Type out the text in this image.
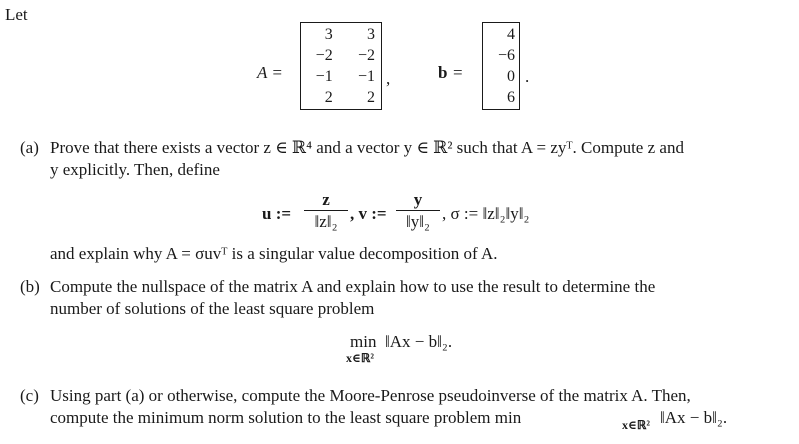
Let
A =
3	3
−2	−2
−1	−1
2	2
,	b =
4
−6
0
6
.
(a) Prove that there exists a vector z ∈ ℝ⁴ and a vector y ∈ ℝ² such that A = zyᵀ. Compute z and
y explicitly. Then, define
u :=
z
‖z‖₂ , v :=
y
‖y‖₂ , σ := ‖z‖₂‖y‖₂
and explain why A = σuvᵀ is a singular value decomposition of A.
(b) Compute the nullspace of the matrix A and explain how to use the result to determine the
number of solutions of the least square problem
min
x∈ℝ²
‖Ax − b‖₂.
(c) Using part (a) or otherwise, compute the Moore-Penrose pseudoinverse of the matrix A. Then,
compute the minimum norm solution to the least square problem min	x∈ℝ² ‖Ax − b‖₂.
